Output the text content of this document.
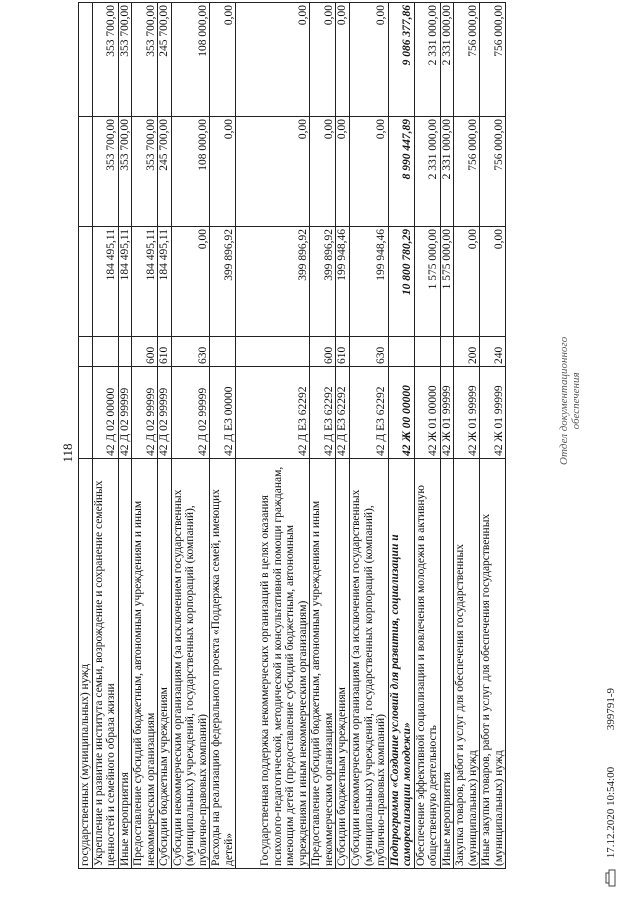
118
государственных (муниципальных) нужд					
Укрепление и развитие института семьи, возрождение и сохранение семейных ценностей и семейного образа жизни	42 Д 02 00000		184 495,11	353 700,00	353 700,00
Иные мероприятия	42 Д 02 99999		184 495,11	353 700,00	353 700,00
Предоставление субсидий бюджетным, автономным учреждениям и иным некоммерческим организациям	42 Д 02 99999	600	184 495,11	353 700,00	353 700,00
Субсидии бюджетным учреждениям	42 Д 02 99999	610	184 495,11	245 700,00	245 700,00
Субсидии некоммерческим организациям (за исключением государственных (муниципальных) учреждений, государственных корпораций (компаний), публично-правовых компаний)	42 Д 02 99999	630	0,00	108 000,00	108 000,00
Расходы на реализацию федерального проекта «Поддержка семей, имеющих детей»	42 Д Е3 00000		399 896,92	0,00	0,00
Государственная поддержка некоммерческих организаций в целях оказания психолого-педагогической, методической и консультативной помощи гражданам, имеющим детей (предоставление субсидий бюджетным, автономным учреждениям и иным некоммерческим организациям)	42 Д Е3 62292		399 896,92	0,00	0,00
Предоставление субсидий бюджетным, автономным учреждениям и иным некоммерческим организациям	42 Д Е3 62292	600	399 896,92	0,00	0,00
Субсидии бюджетным учреждениям	42 Д Е3 62292	610	199 948,46	0,00	0,00
Субсидии некоммерческим организациям (за исключением государственных (муниципальных) учреждений, государственных корпораций (компаний), публично-правовых компаний)	42 Д Е3 62292	630	199 948,46	0,00	0,00
Подпрограмма «Создание условий для развития, социализации и самореализации молодежи»	42 Ж 00 00000		10 800 780,29	8 990 447,89	9 086 377,86
Обеспечение эффективной социализации и вовлечения молодежи в активную общественную деятельность	42 Ж 01 00000		1 575 000,00	2 331 000,00	2 331 000,00
Иные мероприятия	42 Ж 01 99999		1 575 000,00	2 331 000,00	2 331 000,00
Закупка товаров, работ и услуг для обеспечения государственных (муниципальных) нужд	42 Ж 01 99999	200	0,00	756 000,00	756 000,00
Иные закупки товаров, работ и услуг для обеспечения государственных (муниципальных) нужд	42 Ж 01 99999	240	0,00	756 000,00	756 000,00
Отдел документационного обеспечения
17.12.2020 10:54:00 399791-9
